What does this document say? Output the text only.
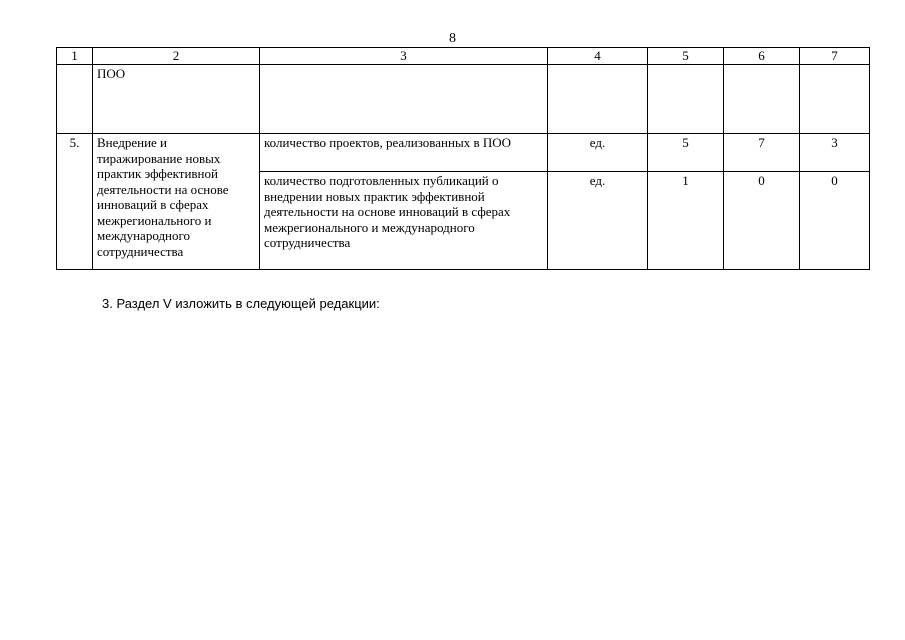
8
1	2	3	4	5	6	7
	ПОО					
5.	Внедрение и тиражирование новых практик эффективной деятельности на основе инноваций в сферах межрегионального и международного сотрудничества	количество проектов, реализованных в ПОО	ед.	5	7	3
		количество подготовленных публикаций о внедрении новых практик эффективной деятельности на основе инноваций в сферах межрегионального и международного сотрудничества	ед.	1	0	0
3. Раздел V изложить в следующей редакции:
